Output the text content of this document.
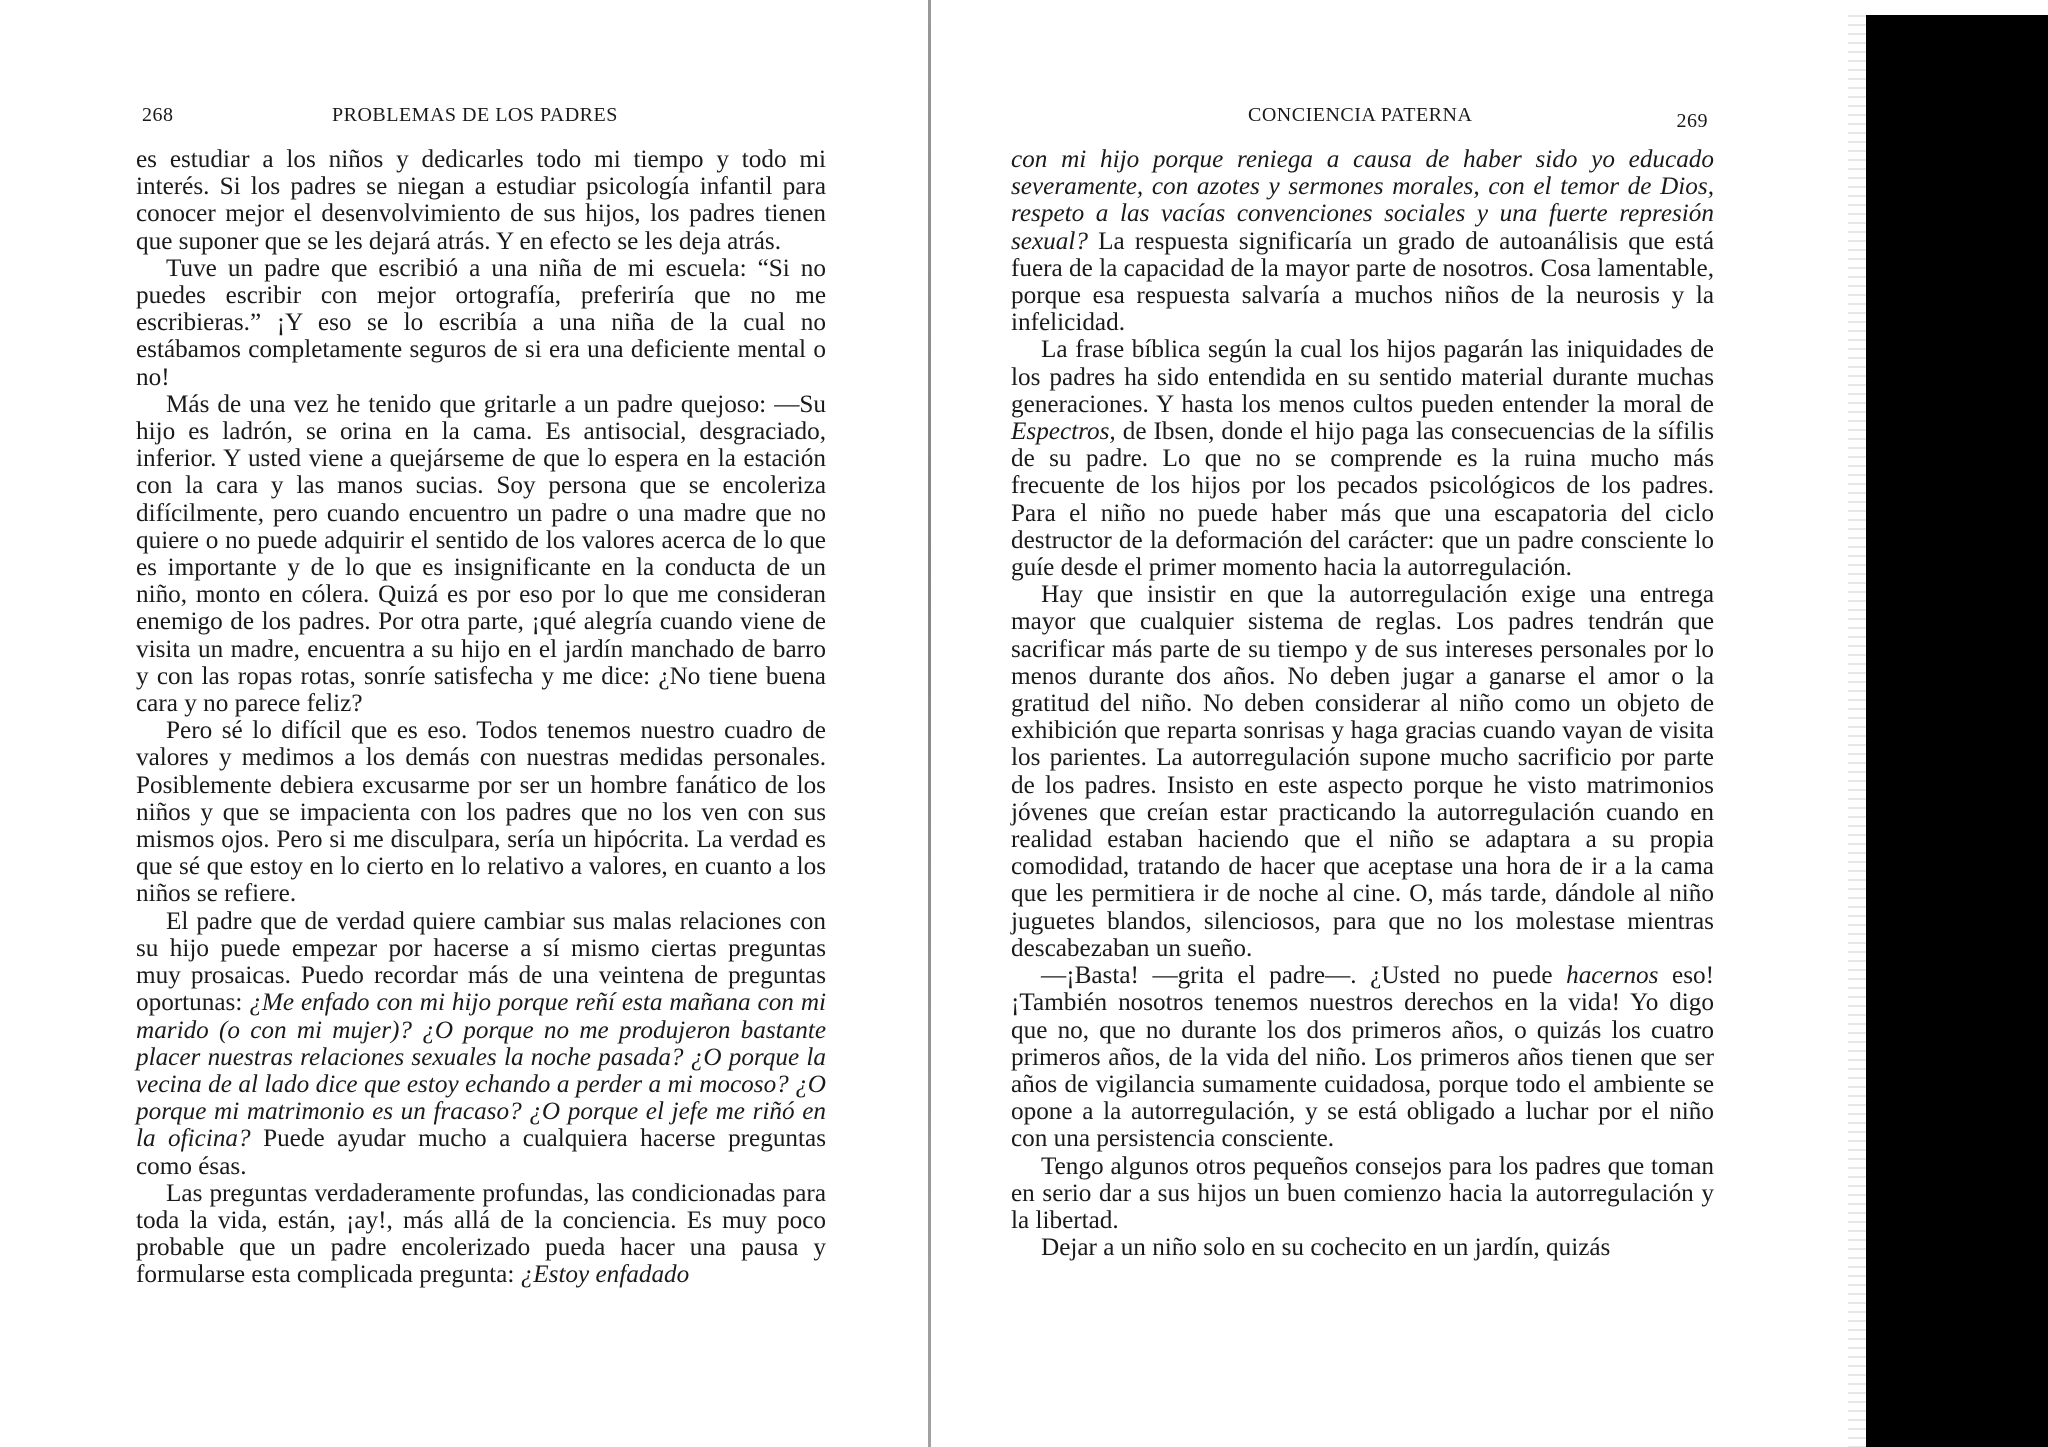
268	PROBLEMAS DE LOS PADRES

es estudiar a los niños y dedicarles todo mi tiempo y todo mi interés. Si los padres se niegan a estudiar psicología infantil para conocer mejor el desenvolvimiento de sus hijos, los padres tienen que suponer que se les dejará atrás. Y en efecto se les deja atrás.

Tuve un padre que escribió a una niña de mi escuela: “Si no puedes escribir con mejor ortografía, preferiría que no me escribieras.” ¡Y eso se lo escribía a una niña de la cual no estábamos completamente seguros de si era una deficiente mental o no!

Más de una vez he tenido que gritarle a un padre quejoso: —Su hijo es ladrón, se orina en la cama. Es antisocial, desgraciado, inferior. Y usted viene a quejárseme de que lo espera en la estación con la cara y las manos sucias. Soy persona que se encoleriza difícilmente, pero cuando encuentro un padre o una madre que no quiere o no puede adquirir el sentido de los valores acerca de lo que es importante y de lo que es insignificante en la conducta de un niño, monto en cólera. Quizá es por eso por lo que me consideran enemigo de los padres. Por otra parte, ¡qué alegría cuando viene de visita un madre, encuentra a su hijo en el jardín manchado de barro y con las ropas rotas, sonríe satisfecha y me dice: ¿No tiene buena cara y no parece feliz?

Pero sé lo difícil que es eso. Todos tenemos nuestro cuadro de valores y medimos a los demás con nuestras medidas personales. Posiblemente debiera excusarme por ser un hombre fanático de los niños y que se impacienta con los padres que no los ven con sus mismos ojos. Pero si me disculpara, sería un hipócrita. La verdad es que sé que estoy en lo cierto en lo relativo a valores, en cuanto a los niños se refiere.

El padre que de verdad quiere cambiar sus malas relaciones con su hijo puede empezar por hacerse a sí mismo ciertas preguntas muy prosaicas. Puedo recordar más de una veintena de preguntas oportunas: ¿Me enfado con mi hijo porque reñí esta mañana con mi marido (o con mi mujer)? ¿O porque no me produjeron bastante placer nuestras relaciones sexuales la noche pasada? ¿O porque la vecina de al lado dice que estoy echando a perder a mi mocoso? ¿O porque mi matrimonio es un fracaso? ¿O porque el jefe me riñó en la oficina? Puede ayudar mucho a cualquiera hacerse preguntas como ésas.

Las preguntas verdaderamente profundas, las condicionadas para toda la vida, están, ¡ay!, más allá de la conciencia. Es muy poco probable que un padre encolerizado pueda hacer una pausa y formularse esta complicada pregunta: ¿Estoy enfadado

CONCIENCIA PATERNA	269

con mi hijo porque reniega a causa de haber sido yo educado severamente, con azotes y sermones morales, con el temor de Dios, respeto a las vacías convenciones sociales y una fuerte represión sexual? La respuesta significaría un grado de autoanálisis que está fuera de la capacidad de la mayor parte de nosotros. Cosa lamentable, porque esa respuesta salvaría a muchos niños de la neurosis y la infelicidad.

La frase bíblica según la cual los hijos pagarán las iniquidades de los padres ha sido entendida en su sentido material durante muchas generaciones. Y hasta los menos cultos pueden entender la moral de Espectros, de Ibsen, donde el hijo paga las consecuencias de la sífilis de su padre. Lo que no se comprende es la ruina mucho más frecuente de los hijos por los pecados psicológicos de los padres. Para el niño no puede haber más que una escapatoria del ciclo destructor de la deformación del carácter: que un padre consciente lo guíe desde el primer momento hacia la autorregulación.

Hay que insistir en que la autorregulación exige una entrega mayor que cualquier sistema de reglas. Los padres tendrán que sacrificar más parte de su tiempo y de sus intereses personales por lo menos durante dos años. No deben jugar a ganarse el amor o la gratitud del niño. No deben considerar al niño como un objeto de exhibición que reparta sonrisas y haga gracias cuando vayan de visita los parientes. La autorregulación supone mucho sacrificio por parte de los padres. Insisto en este aspecto porque he visto matrimonios jóvenes que creían estar practicando la autorregulación cuando en realidad estaban haciendo que el niño se adaptara a su propia comodidad, tratando de hacer que aceptase una hora de ir a la cama que les permitiera ir de noche al cine. O, más tarde, dándole al niño juguetes blandos, silenciosos, para que no los molestase mientras descabezaban un sueño.

—¡Basta! —grita el padre—. ¿Usted no puede hacernos eso! ¡También nosotros tenemos nuestros derechos en la vida! Yo digo que no, que no durante los dos primeros años, o quizás los cuatro primeros años, de la vida del niño. Los primeros años tienen que ser años de vigilancia sumamente cuidadosa, porque todo el ambiente se opone a la autorregulación, y se está obligado a luchar por el niño con una persistencia consciente.

Tengo algunos otros pequeños consejos para los padres que toman en serio dar a sus hijos un buen comienzo hacia la autorregulación y la libertad.

Dejar a un niño solo en su cochecito en un jardín, quizás
